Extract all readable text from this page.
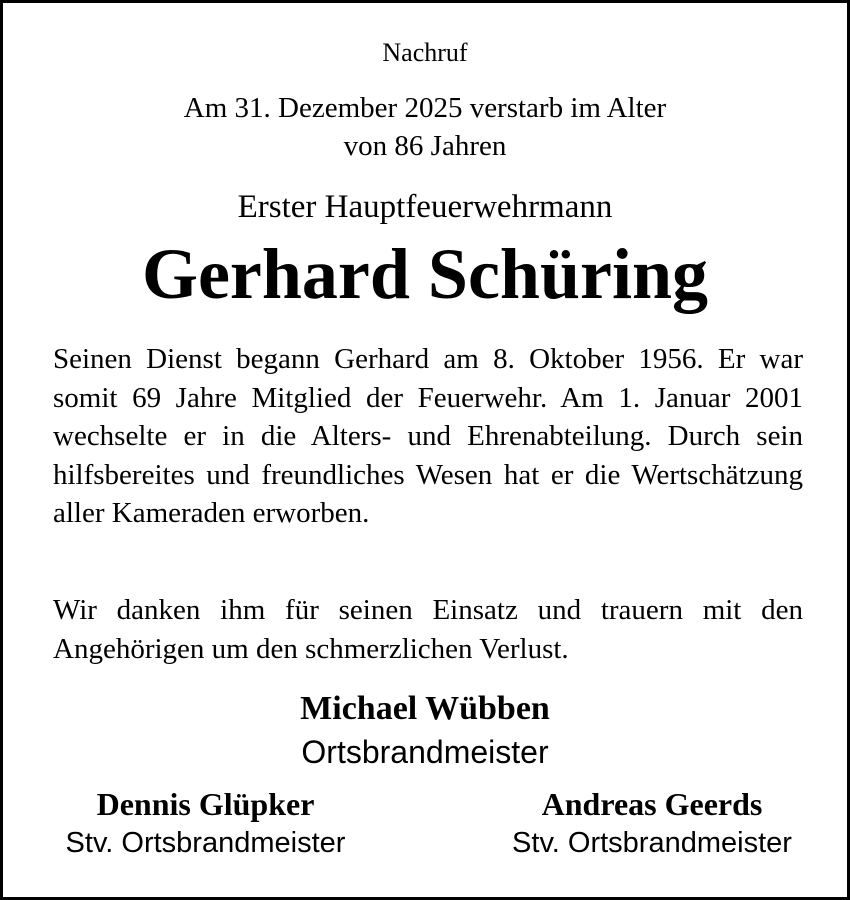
Nachruf
Am 31. Dezember 2025 verstarb im Alter
von 86 Jahren
Erster Hauptfeuerwehrmann
Gerhard Schüring
Seinen Dienst begann Gerhard am 8. Oktober 1956. Er war somit 69 Jahre Mitglied der Feuerwehr. Am 1. Januar 2001 wechselte er in die Alters- und Ehrenabteilung. Durch sein hilfsbereites und freundliches Wesen hat er die Wertschätzung aller Kameraden erworben.
Wir danken ihm für seinen Einsatz und trauern mit den Angehörigen um den schmerzlichen Verlust.
Michael Wübben
Ortsbrandmeister
Dennis Glüpker
Stv. Ortsbrandmeister
Andreas Geerds
Stv. Ortsbrandmeister
